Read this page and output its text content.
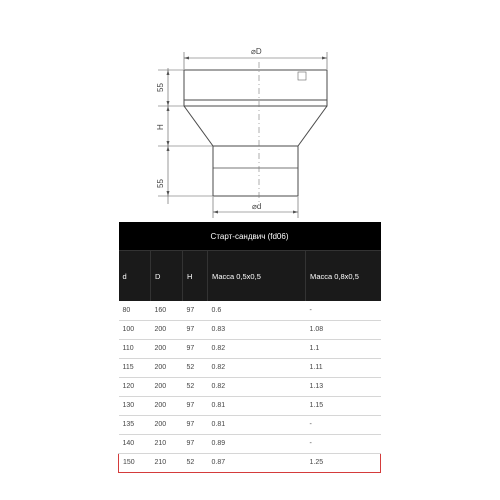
⌀D
⌀d
55
H
55
Старт-сандвич (fd06)				
d	D	H	Масса 0,5х0,5	Масса 0,8х0,5
80	160	97	0.6	-
100	200	97	0.83	1.08
110	200	97	0.82	1.1
115	200	52	0.82	1.11
120	200	52	0.82	1.13
130	200	97	0.81	1.15
135	200	97	0.81	-
140	210	97	0.89	-
150	210	52	0.87	1.25
